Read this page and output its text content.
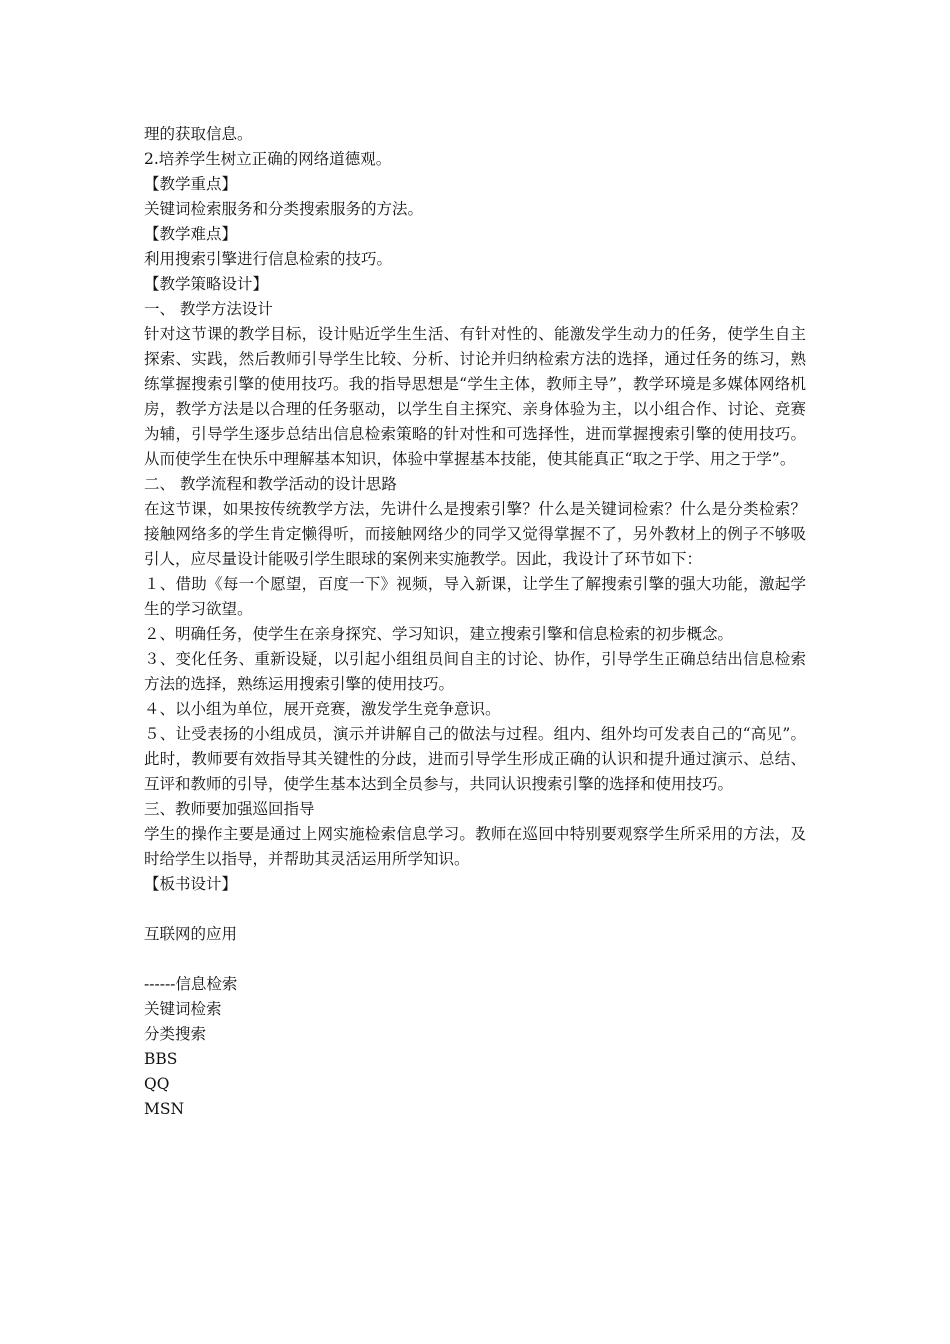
理的获取信息。
2.培养学生树立正确的网络道德观。
【教学重点】
关键词检索服务和分类搜索服务的方法。
【教学难点】
利用搜索引擎进行信息检索的技巧。
【教学策略设计】
一、 教学方法设计
针对这节课的教学目标，设计贴近学生生活、有针对性的、能激发学生动力的任务，使学生自主探索、实践，然后教师引导学生比较、分析、讨论并归纳检索方法的选择，通过任务的练习，熟练掌握搜索引擎的使用技巧。我的指导思想是“学生主体，教师主导”，教学环境是多媒体网络机房，教学方法是以合理的任务驱动，以学生自主探究、亲身体验为主，以小组合作、讨论、竞赛为辅，引导学生逐步总结出信息检索策略的针对性和可选择性，进而掌握搜索引擎的使用技巧。从而使学生在快乐中理解基本知识，体验中掌握基本技能，使其能真正“取之于学、用之于学”。
二、 教学流程和教学活动的设计思路
在这节课，如果按传统教学方法，先讲什么是搜索引擎？什么是关键词检索？什么是分类检索？接触网络多的学生肯定懒得听，而接触网络少的同学又觉得掌握不了，另外教材上的例子不够吸引人，应尽量设计能吸引学生眼球的案例来实施教学。因此，我设计了环节如下：
１、借助《每一个愿望，百度一下》视频，导入新课，让学生了解搜索引擎的强大功能，激起学生的学习欲望。
２、明确任务，使学生在亲身探究、学习知识，建立搜索引擎和信息检索的初步概念。
３、变化任务、重新设疑，以引起小组组员间自主的讨论、协作，引导学生正确总结出信息检索方法的选择，熟练运用搜索引擎的使用技巧。
４、以小组为单位，展开竞赛，激发学生竞争意识。
５、让受表扬的小组成员，演示并讲解自己的做法与过程。组内、组外均可发表自己的“高见”。此时，教师要有效指导其关键性的分歧，进而引导学生形成正确的认识和提升通过演示、总结、互评和教师的引导，使学生基本达到全员参与，共同认识搜索引擎的选择和使用技巧。
三、教师要加强巡回指导
学生的操作主要是通过上网实施检索信息学习。教师在巡回中特别要观察学生所采用的方法，及时给学生以指导，并帮助其灵活运用所学知识。
【板书设计】
互联网的应用
------信息检索
关键词检索
分类搜索
BBS
QQ
MSN
